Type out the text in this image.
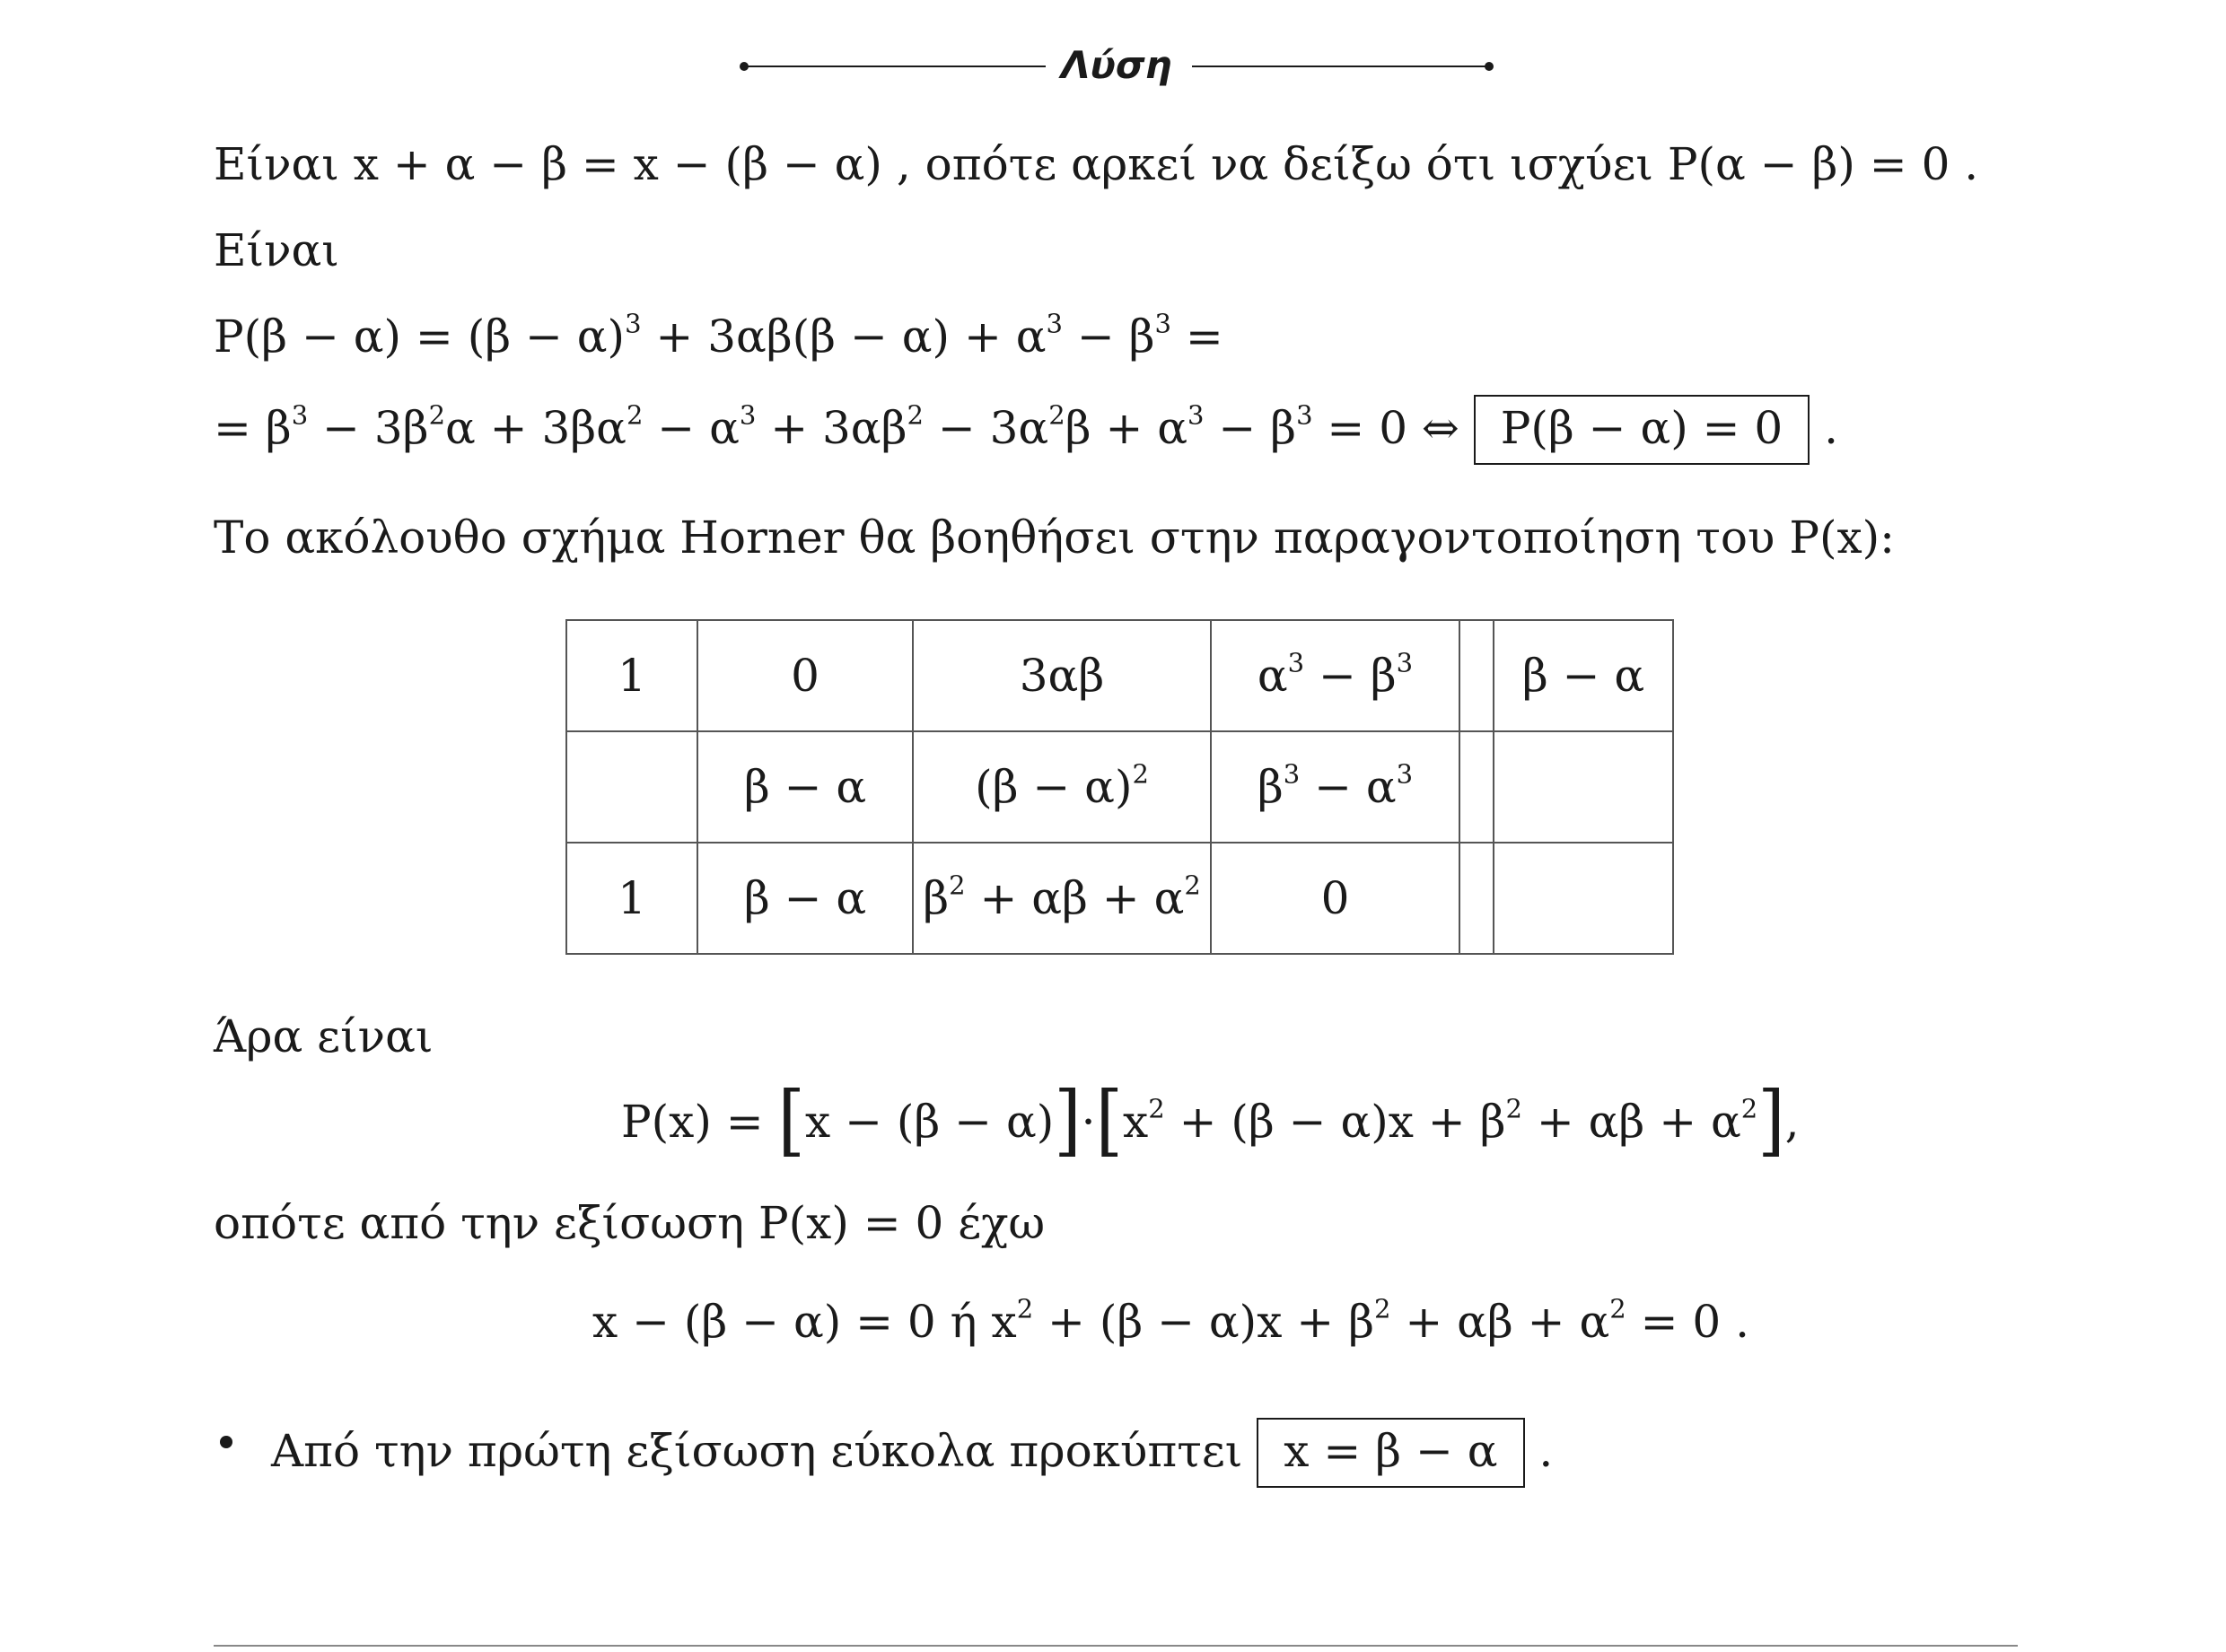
Λύση
Είναι x + α − β = x − (β − α) , οπότε αρκεί να δείξω ότι ισχύει P(α − β) = 0 .
Είναι
$P(\beta - \alpha) = (\beta - \alpha)^3 + 3\alpha\beta(\beta - \alpha) + \alpha^3 - \beta^3$ =
= $\beta^3 - 3\beta^2\alpha + 3\beta\alpha^2 - \alpha^3 + 3\alpha\beta^2 - 3\alpha^2\beta + \alpha^3 - \beta^3 = 0$ ⇔ P(β − α) = 0 .
Το ακόλουθο σχήμα Horner θα βοηθήσει στην παραγοντοποίηση του P(x):
1	0	3αβ	$\alpha^3 - \beta^3$		β − α
	β − α	$(\beta - \alpha)^2$	$\beta^3 - \alpha^3$		
1	β − α	$\beta^2 + \alpha\beta + \alpha^2$	0		
Άρα είναι
$P(x) = [x - (\beta - \alpha)]\cdot[x^2 + (\beta - \alpha)x + \beta^2 + \alpha\beta + \alpha^2]$,
οπότε από την εξίσωση P(x) = 0 έχω
x − (β − α) = 0 ή $x^2 + (\beta - \alpha)x + \beta^2 + \alpha\beta + \alpha^2 = 0$ .
Από την πρώτη εξίσωση εύκολα προκύπτει x = β − α .
